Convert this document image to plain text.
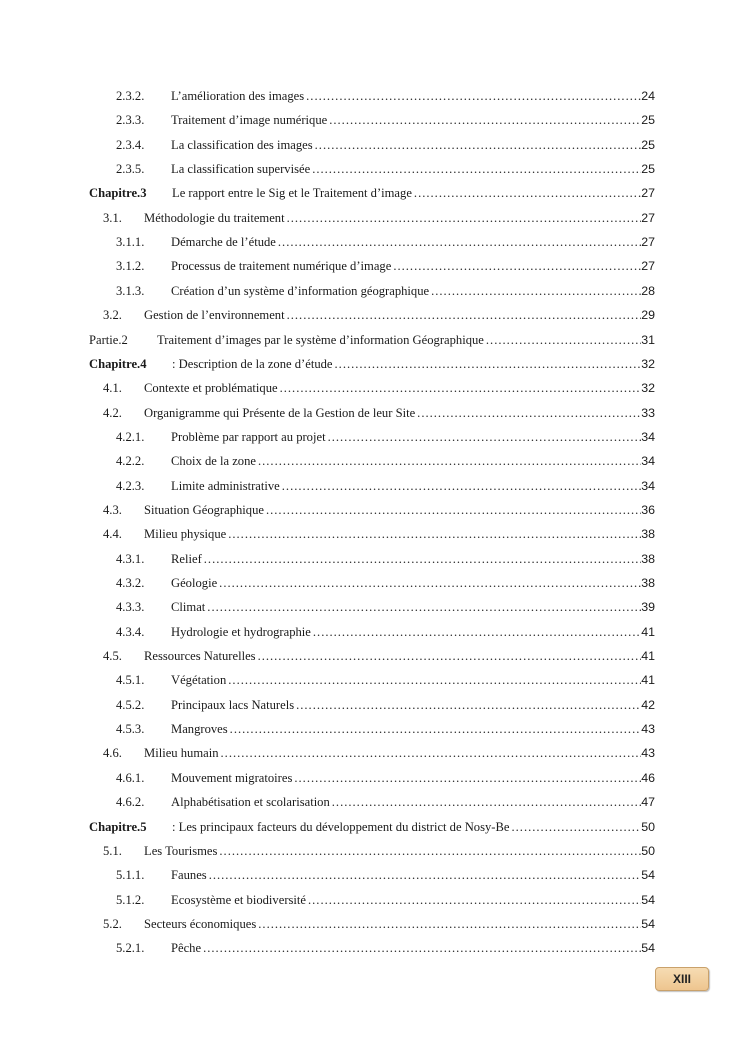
2.3.2.	L’amélioration des images .....	24
2.3.3.	Traitement d’image numérique .....	25
2.3.4.	La classification des images .....	25
2.3.5.	La classification supervisée .....	25
Chapitre.3	Le rapport entre le Sig et le Traitement d’image .....	27
3.1.	Méthodologie du traitement .....	27
3.1.1.	Démarche de l’étude .....	27
3.1.2.	Processus de traitement numérique d’image .....	27
3.1.3.	Création d’un système d’information géographique .....	28
3.2.	Gestion de l’environnement .....	29
Partie.2	Traitement d’images par le système d’information Géographique .....	31
Chapitre.4	: Description de la zone d’étude .....	32
4.1.	Contexte et problématique .....	32
4.2.	Organigramme qui Présente de la Gestion de leur Site .....	33
4.2.1.	Problème par rapport au projet .....	34
4.2.2.	Choix de la zone .....	34
4.2.3.	Limite administrative .....	34
4.3.	Situation Géographique .....	36
4.4.	Milieu physique .....	38
4.3.1.	Relief .....	38
4.3.2.	Géologie .....	38
4.3.3.	Climat .....	39
4.3.4.	Hydrologie et hydrographie .....	41
4.5.	Ressources Naturelles .....	41
4.5.1.	Végétation .....	41
4.5.2.	Principaux lacs Naturels .....	42
4.5.3.	Mangroves .....	43
4.6.	Milieu humain .....	43
4.6.1.	Mouvement migratoires .....	46
4.6.2.	Alphabétisation et scolarisation .....	47
Chapitre.5	: Les principaux facteurs du développement du district de Nosy-Be .....	50
5.1.	Les Tourismes .....	50
5.1.1.	Faunes .....	54
5.1.2.	Ecosystème et biodiversité .....	54
5.2.	Secteurs économiques .....	54
5.2.1.	Pêche .....	54
XIII
